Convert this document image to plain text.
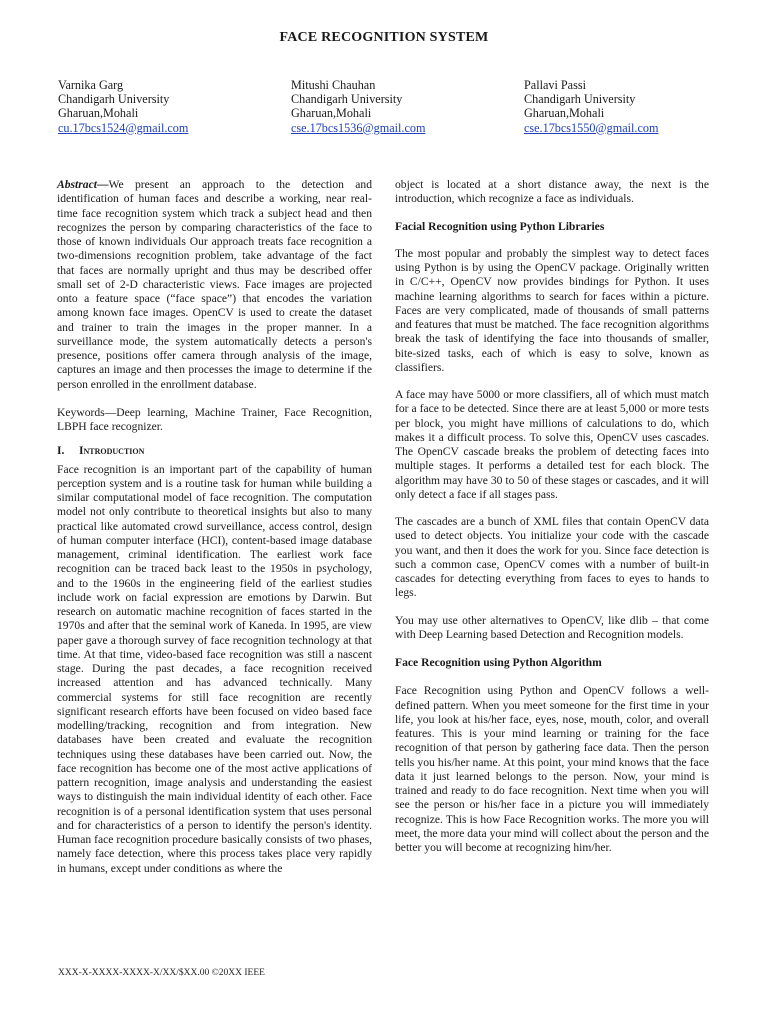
FACE RECOGNITION SYSTEM
Varnika Garg
Chandigarh University
Gharuan,Mohali
cu.17bcs1524@gmail.com
Mitushi Chauhan
Chandigarh University
Gharuan,Mohali
cse.17bcs1536@gmail.com
Pallavi Passi
Chandigarh University
Gharuan,Mohali
cse.17bcs1550@gmail.com

Abstract—We present an approach to the detection and identification of human faces and describe a working, near real-time face recognition system which track a subject head and then recognizes the person by comparing characteristics of the face to those of known individuals Our approach treats face recognition a two-dimensions recognition problem, take advantage of the fact that faces are normally upright and thus may be described offer small set of 2-D characteristic views. Face images are projected onto a feature space (“face space”) that encodes the variation among known face images. OpenCV is used to create the dataset and trainer to train the images in the proper manner. In a surveillance mode, the system automatically detects a person's presence, positions offer camera through analysis of the image, captures an image and then processes the image to determine if the person enrolled in the enrollment database.

Keywords—Deep learning, Machine Trainer, Face Recognition, LBPH face recognizer.

I. Introduction

Face recognition is an important part of the capability of human perception system and is a routine task for human while building a similar computational model of face recognition. The computation model not only contribute to theoretical insights but also to many practical like automated crowd surveillance, access control, design of human computer interface (HCI), content-based image database management, criminal identification. The earliest work face recognition can be traced back least to the 1950s in psychology, and to the 1960s in the engineering field of the earliest studies include work on facial expression are emotions by Darwin. But research on automatic machine recognition of faces started in the 1970s and after that the seminal work of Kaneda. In 1995, are view paper gave a thorough survey of face recognition technology at that time. At that time, video-based face recognition was still a nascent stage. During the past decades, a face recognition received increased attention and has advanced technically. Many commercial systems for still face recognition are recently significant research efforts have been focused on video based face modelling/tracking, recognition and from integration. New databases have been created and evaluate the recognition techniques using these databases have been carried out. Now, the face recognition has become one of the most active applications of pattern recognition, image analysis and understanding the easiest ways to distinguish the main individual identity of each other. Face recognition is of a personal identification system that uses personal and for characteristics of a person to identify the person's identity. Human face recognition procedure basically consists of two phases, namely face detection, where this process takes place very rapidly in humans, except under conditions as where the

object is located at a short distance away, the next is the introduction, which recognize a face as individuals.

Facial Recognition using Python Libraries

The most popular and probably the simplest way to detect faces using Python is by using the OpenCV package. Originally written in C/C++, OpenCV now provides bindings for Python. It uses machine learning algorithms to search for faces within a picture. Faces are very complicated, made of thousands of small patterns and features that must be matched. The face recognition algorithms break the task of identifying the face into thousands of smaller, bite-sized tasks, each of which is easy to solve, known as classifiers.

A face may have 5000 or more classifiers, all of which must match for a face to be detected. Since there are at least 5,000 or more tests per block, you might have millions of calculations to do, which makes it a difficult process. To solve this, OpenCV uses cascades. The OpenCV cascade breaks the problem of detecting faces into multiple stages. It performs a detailed test for each block. The algorithm may have 30 to 50 of these stages or cascades, and it will only detect a face if all stages pass.

The cascades are a bunch of XML files that contain OpenCV data used to detect objects. You initialize your code with the cascade you want, and then it does the work for you. Since face detection is such a common case, OpenCV comes with a number of built-in cascades for detecting everything from faces to eyes to hands to legs.

You may use other alternatives to OpenCV, like dlib – that come with Deep Learning based Detection and Recognition models.

Face Recognition using Python Algorithm

Face Recognition using Python and OpenCV follows a well-defined pattern. When you meet someone for the first time in your life, you look at his/her face, eyes, nose, mouth, color, and overall features. This is your mind learning or training for the face recognition of that person by gathering face data. Then the person tells you his/her name. At this point, your mind knows that the face data it just learned belongs to the person. Now, your mind is trained and ready to do face recognition. Next time when you will see the person or his/her face in a picture you will immediately recognize. This is how Face Recognition works. The more you will meet, the more data your mind will collect about the person and the better you will become at recognizing him/her.

XXX-X-XXXX-XXXX-X/XX/$XX.00 ©20XX IEEE
